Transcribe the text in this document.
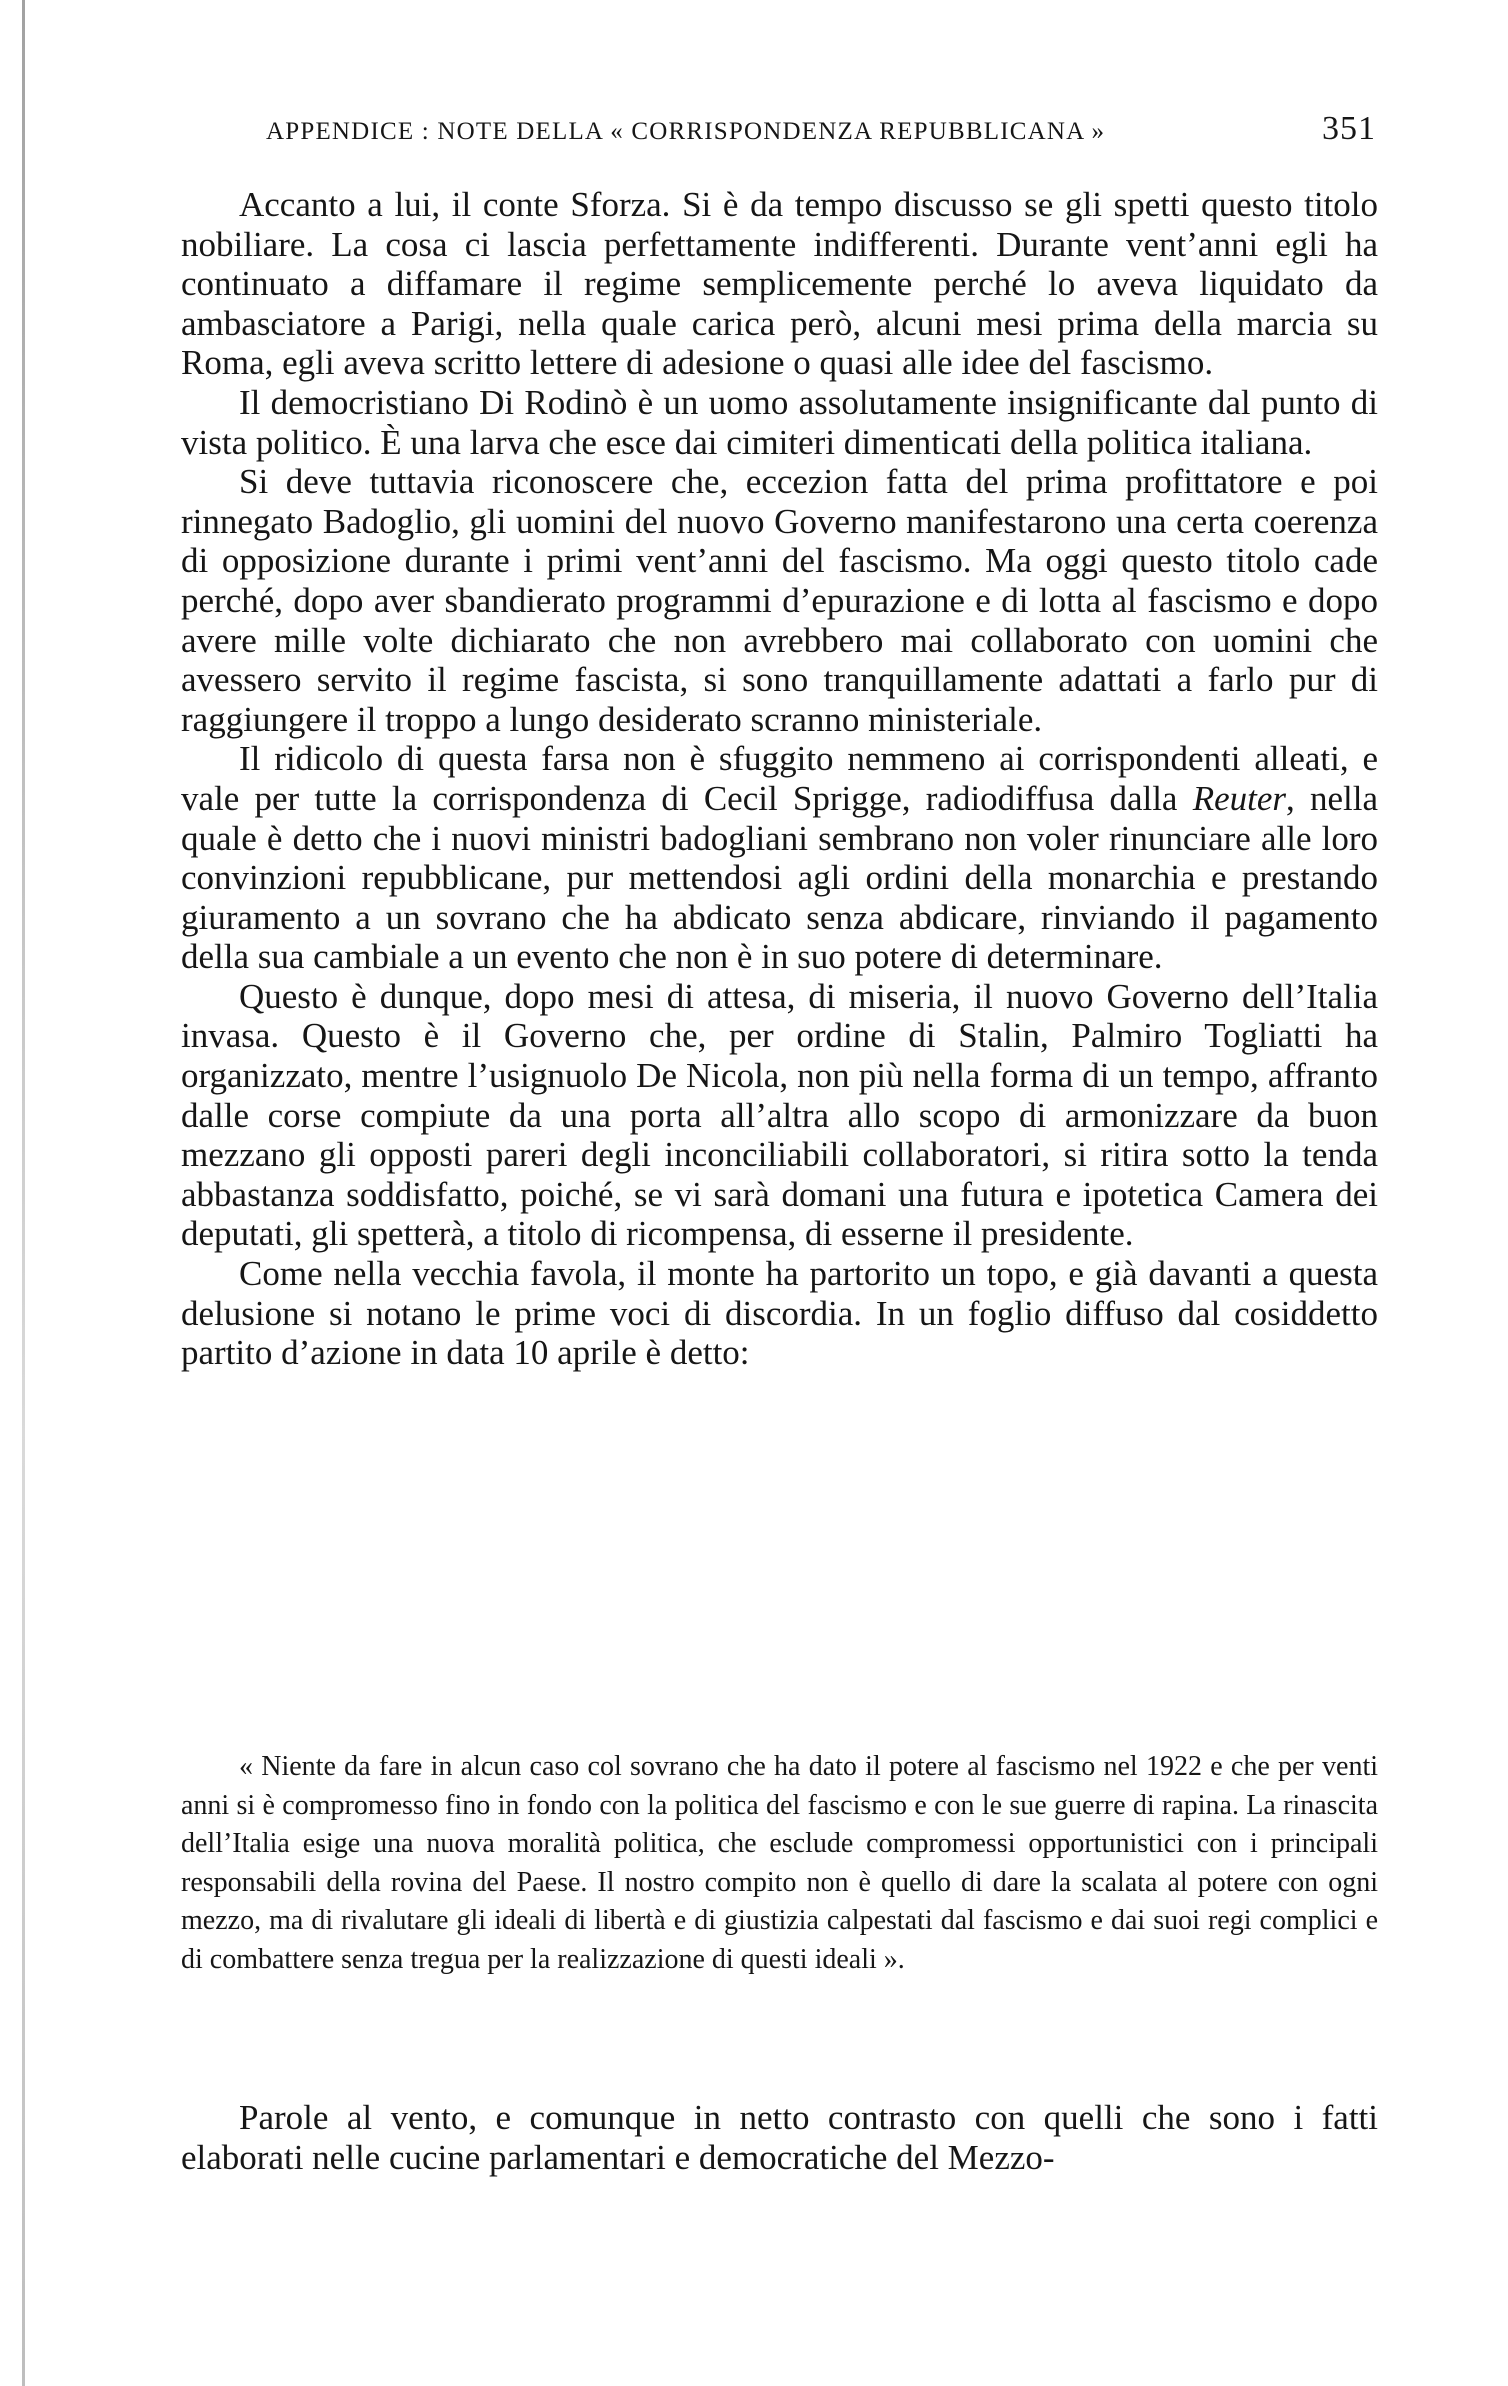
APPENDICE : NOTE DELLA « CORRISPONDENZA REPUBBLICANA »	351

Accanto a lui, il conte Sforza. Si è da tempo discusso se gli spetti questo titolo nobiliare. La cosa ci lascia perfettamente indifferenti. Durante vent’anni egli ha continuato a diffamare il regime semplicemente perché lo aveva liquidato da ambasciatore a Parigi, nella quale carica però, alcuni mesi prima della marcia su Roma, egli aveva scritto lettere di adesione o quasi alle idee del fascismo.

Il democristiano Di Rodinò è un uomo assolutamente insignificante dal punto di vista politico. È una larva che esce dai cimiteri dimenticati della politica italiana.

Si deve tuttavia riconoscere che, eccezion fatta del prima profittatore e poi rinnegato Badoglio, gli uomini del nuovo Governo manifestarono una certa coerenza di opposizione durante i primi vent’anni del fascismo. Ma oggi questo titolo cade perché, dopo aver sbandierato programmi d’epurazione e di lotta al fascismo e dopo avere mille volte dichiarato che non avrebbero mai collaborato con uomini che avessero servito il regime fascista, si sono tranquillamente adattati a farlo pur di raggiungere il troppo a lungo desiderato scranno ministeriale.

Il ridicolo di questa farsa non è sfuggito nemmeno ai corrispondenti alleati, e vale per tutte la corrispondenza di Cecil Sprigge, radiodiffusa dalla Reuter, nella quale è detto che i nuovi ministri badogliani sembrano non voler rinunciare alle loro convinzioni repubblicane, pur mettendosi agli ordini della monarchia e prestando giuramento a un sovrano che ha abdicato senza abdicare, rinviando il pagamento della sua cambiale a un evento che non è in suo potere di determinare.

Questo è dunque, dopo mesi di attesa, di miseria, il nuovo Governo dell’Italia invasa. Questo è il Governo che, per ordine di Stalin, Palmiro Togliatti ha organizzato, mentre l’usignuolo De Nicola, non più nella forma di un tempo, affranto dalle corse compiute da una porta all’altra allo scopo di armonizzare da buon mezzano gli opposti pareri degli inconciliabili collaboratori, si ritira sotto la tenda abbastanza soddisfatto, poiché, se vi sarà domani una futura e ipotetica Camera dei deputati, gli spetterà, a titolo di ricompensa, di esserne il presidente.

Come nella vecchia favola, il monte ha partorito un topo, e già davanti a questa delusione si notano le prime voci di discordia. In un foglio diffuso dal cosiddetto partito d’azione in data 10 aprile è detto:

« Niente da fare in alcun caso col sovrano che ha dato il potere al fascismo nel 1922 e che per venti anni si è compromesso fino in fondo con la politica del fascismo e con le sue guerre di rapina. La rinascita dell’Italia esige una nuova moralità politica, che esclude compromessi opportunistici con i principali responsabili della rovina del Paese. Il nostro compito non è quello di dare la scalata al potere con ogni mezzo, ma di rivalutare gli ideali di libertà e di giustizia calpestati dal fascismo e dai suoi regi complici e di combattere senza tregua per la realizzazione di questi ideali ».

Parole al vento, e comunque in netto contrasto con quelli che sono i fatti elaborati nelle cucine parlamentari e democratiche del Mezzo-
